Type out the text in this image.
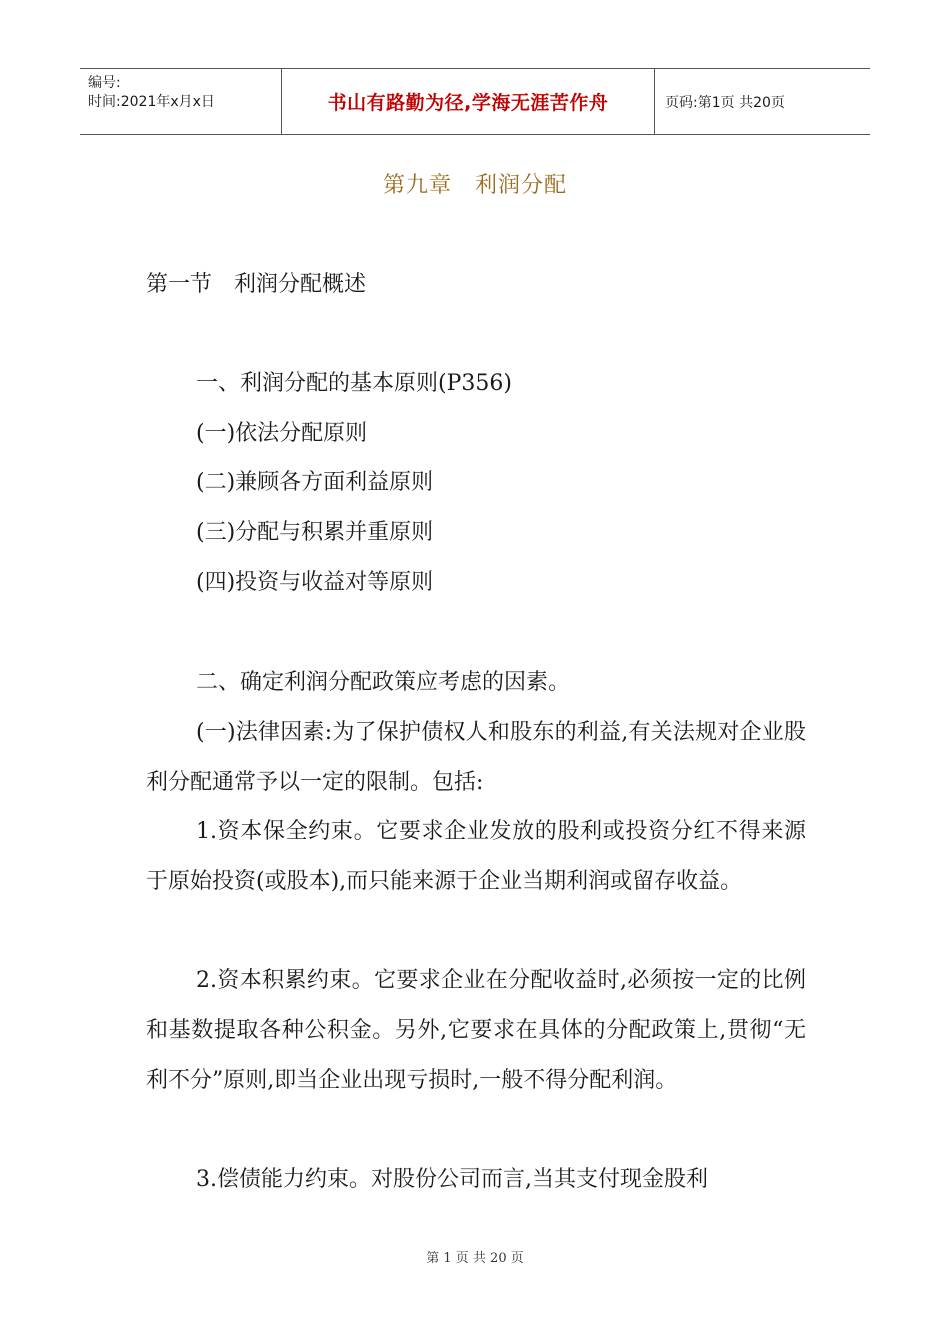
编号:
时间:2021年x月x日	书山有路勤为径,学海无涯苦作舟	页码:第1页 共20页
第九章　利润分配
第一节　利润分配概述
一、利润分配的基本原则(P356)
(一)依法分配原则
(二)兼顾各方面利益原则
(三)分配与积累并重原则
(四)投资与收益对等原则
二、确定利润分配政策应考虑的因素。
(一)法律因素:为了保护债权人和股东的利益,有关法规对企业股利分配通常予以一定的限制。包括:
1.资本保全约束。它要求企业发放的股利或投资分红不得来源于原始投资(或股本),而只能来源于企业当期利润或留存收益。
2.资本积累约束。它要求企业在分配收益时,必须按一定的比例和基数提取各种公积金。另外,它要求在具体的分配政策上,贯彻“无利不分”原则,即当企业出现亏损时,一般不得分配利润。
3.偿债能力约束。对股份公司而言,当其支付现金股利
第 1 页 共 20 页
